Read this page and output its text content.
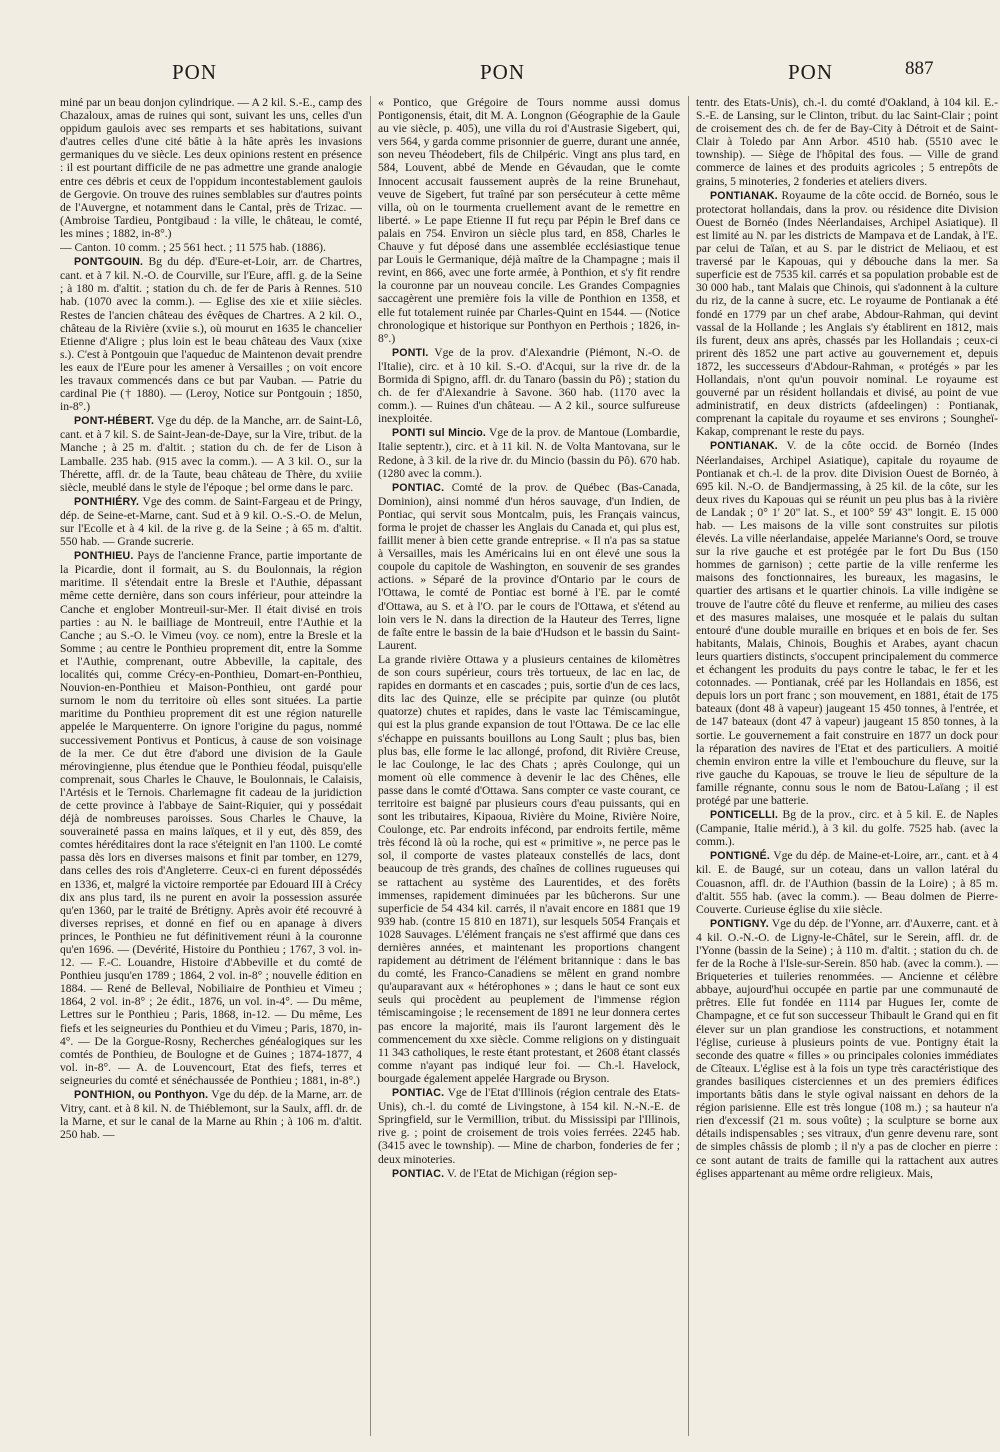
PON	PON	PON	887

miné par un beau donjon cylindrique. — A 2 kil. S.-E., camp des Chazaloux, amas de ruines qui sont, suivant les uns, celles d'un oppidum gaulois avec ses remparts et ses habitations, suivant d'autres celles d'une cité bâtie à la hâte après les invasions germaniques du ve siècle. Les deux opinions restent en présence : il est pourtant difficile de ne pas admettre une grande analogie entre ces débris et ceux de l'oppidum incontestablement gaulois de Gergovie. On trouve des ruines semblables sur d'autres points de l'Auvergne, et notamment dans le Cantal, près de Trizac. — (Ambroise Tardieu, Pontgibaud : la ville, le château, le comté, les mines ; 1882, in-8°.)

— Canton. 10 comm. ; 25 561 hect. ; 11 575 hab. (1886).

PONTGOUIN. Bg du dép. d'Eure-et-Loir, arr. de Chartres, cant. et à 7 kil. N.-O. de Courville, sur l'Eure, affl. g. de la Seine ; à 180 m. d'altit. ; station du ch. de fer de Paris à Rennes. 510 hab. (1070 avec la comm.). — Eglise des xie et xiiie siècles. Restes de l'ancien château des évêques de Chartres. A 2 kil. O., château de la Rivière (xviie s.), où mourut en 1635 le chancelier Etienne d'Aligre ; plus loin est le beau château des Vaux (xixe s.). C'est à Pontgouin que l'aqueduc de Maintenon devait prendre les eaux de l'Eure pour les amener à Versailles ; on voit encore les travaux commencés dans ce but par Vauban. — Patrie du cardinal Pie († 1880). — (Leroy, Notice sur Pontgouin ; 1850, in-8°.)

PONT-HÉBERT. Vge du dép. de la Manche, arr. de Saint-Lô, cant. et à 7 kil. S. de Saint-Jean-de-Daye, sur la Vire, tribut. de la Manche ; à 25 m. d'altit. ; station du ch. de fer de Lison à Lamballe. 235 hab. (915 avec la comm.). — A 3 kil. O., sur la Thérette, affl. dr. de la Taute, beau château de Thère, du xviiie siècle, meublé dans le style de l'époque ; bel orme dans le parc.

PONTHIÉRY. Vge des comm. de Saint-Fargeau et de Pringy, dép. de Seine-et-Marne, cant. Sud et à 9 kil. O.-S.-O. de Melun, sur l'Ecolle et à 4 kil. de la rive g. de la Seine ; à 65 m. d'altit. 550 hab. — Grande sucrerie.

PONTHIEU. Pays de l'ancienne France, partie importante de la Picardie, dont il formait, au S. du Boulonnais, la région maritime. Il s'étendait entre la Bresle et l'Authie, dépassant même cette dernière, dans son cours inférieur, pour atteindre la Canche et englober Montreuil-sur-Mer. Il était divisé en trois parties : au N. le bailliage de Montreuil, entre l'Authie et la Canche ; au S.-O. le Vimeu (voy. ce nom), entre la Bresle et la Somme ; au centre le Ponthieu proprement dit, entre la Somme et l'Authie, comprenant, outre Abbeville, la capitale, des localités qui, comme Crécy-en-Ponthieu, Domart-en-Ponthieu, Nouvion-en-Ponthieu et Maison-Ponthieu, ont gardé pour surnom le nom du territoire où elles sont situées. La partie maritime du Ponthieu proprement dit est une région naturelle appelée le Marquenterre. On ignore l'origine du pagus, nommé successivement Pontivus et Ponticus, à cause de son voisinage de la mer. Ce dut être d'abord une division de la Gaule mérovingienne, plus étendue que le Ponthieu féodal, puisqu'elle comprenait, sous Charles le Chauve, le Boulonnais, le Calaisis, l'Artésis et le Ternois. Charlemagne fit cadeau de la juridiction de cette province à l'abbaye de Saint-Riquier, qui y possédait déjà de nombreuses paroisses. Sous Charles le Chauve, la souveraineté passa en mains laïques, et il y eut, dès 859, des comtes héréditaires dont la race s'éteignit en l'an 1100. Le comté passa dès lors en diverses maisons et finit par tomber, en 1279, dans celles des rois d'Angleterre. Ceux-ci en furent dépossédés en 1336, et, malgré la victoire remportée par Edouard III à Crécy dix ans plus tard, ils ne purent en avoir la possession assurée qu'en 1360, par le traité de Brétigny. Après avoir été recouvré à diverses reprises, et donné en fief ou en apanage à divers princes, le Ponthieu ne fut définitivement réuni à la couronne qu'en 1696. — (Devérité, Histoire du Ponthieu ; 1767, 3 vol. in-12. — F.-C. Louandre, Histoire d'Abbeville et du comté de Ponthieu jusqu'en 1789 ; 1864, 2 vol. in-8° ; nouvelle édition en 1884. — René de Belleval, Nobiliaire de Ponthieu et Vimeu ; 1864, 2 vol. in-8° ; 2e édit., 1876, un vol. in-4°. — Du même, Lettres sur le Ponthieu ; Paris, 1868, in-12. — Du même, Les fiefs et les seigneuries du Ponthieu et du Vimeu ; Paris, 1870, in-4°. — De la Gorgue-Rosny, Recherches généalogiques sur les comtés de Ponthieu, de Boulogne et de Guines ; 1874-1877, 4 vol. in-8°. — A. de Louvencourt, Etat des fiefs, terres et seigneuries du comté et sénéchaussée de Ponthieu ; 1881, in-8°.)

PONTHION, ou Ponthyon. Vge du dép. de la Marne, arr. de Vitry, cant. et à 8 kil. N. de Thiéblemont, sur la Saulx, affl. dr. de la Marne, et sur le canal de la Marne au Rhin ; à 106 m. d'altit. 250 hab. —

« Pontico, que Grégoire de Tours nomme aussi domus Pontigonensis, était, dit M. A. Longnon (Géographie de la Gaule au vie siècle, p. 405), une villa du roi d'Austrasie Sigebert, qui, vers 564, y garda comme prisonnier de guerre, durant une année, son neveu Théodebert, fils de Chilpéric. Vingt ans plus tard, en 584, Louvent, abbé de Mende en Gévaudan, que le comte Innocent accusait faussement auprès de la reine Brunehaut, veuve de Sigebert, fut traîné par son persécuteur à cette même villa, où on le tourmenta cruellement avant de le remettre en liberté. » Le pape Etienne II fut reçu par Pépin le Bref dans ce palais en 754. Environ un siècle plus tard, en 858, Charles le Chauve y fut déposé dans une assemblée ecclésiastique tenue par Louis le Germanique, déjà maître de la Champagne ; mais il revint, en 866, avec une forte armée, à Ponthion, et s'y fit rendre la couronne par un nouveau concile. Les Grandes Compagnies saccagèrent une première fois la ville de Ponthion en 1358, et elle fut totalement ruinée par Charles-Quint en 1544. — (Notice chronologique et historique sur Ponthyon en Perthois ; 1826, in-8°.)

PONTI. Vge de la prov. d'Alexandrie (Piémont, N.-O. de l'Italie), circ. et à 10 kil. S.-O. d'Acqui, sur la rive dr. de la Bormida di Spigno, affl. dr. du Tanaro (bassin du Pô) ; station du ch. de fer d'Alexandrie à Savone. 360 hab. (1170 avec la comm.). — Ruines d'un château. — A 2 kil., source sulfureuse inexploitée.

PONTI sul Mincio. Vge de la prov. de Mantoue (Lombardie, Italie septentr.), circ. et à 11 kil. N. de Volta Mantovana, sur le Redone, à 3 kil. de la rive dr. du Mincio (bassin du Pô). 670 hab. (1280 avec la comm.).

PONTIAC. Comté de la prov. de Québec (Bas-Canada, Dominion), ainsi nommé d'un héros sauvage, d'un Indien, de Pontiac, qui servit sous Montcalm, puis, les Français vaincus, forma le projet de chasser les Anglais du Canada et, qui plus est, faillit mener à bien cette grande entreprise. « Il n'a pas sa statue à Versailles, mais les Américains lui en ont élevé une sous la coupole du capitole de Washington, en souvenir de ses grandes actions. » Séparé de la province d'Ontario par le cours de l'Ottawa, le comté de Pontiac est borné à l'E. par le comté d'Ottawa, au S. et à l'O. par le cours de l'Ottawa, et s'étend au loin vers le N. dans la direction de la Hauteur des Terres, ligne de faîte entre le bassin de la baie d'Hudson et le bassin du Saint-Laurent.

La grande rivière Ottawa y a plusieurs centaines de kilomètres de son cours supérieur, cours très tortueux, de lac en lac, de rapides en dormants et en cascades ; puis, sortie d'un de ces lacs, dits lac des Quinze, elle se précipite par quinze (ou plutôt quatorze) chutes et rapides, dans le vaste lac Témiscamingue, qui est la plus grande expansion de tout l'Ottawa. De ce lac elle s'échappe en puissants bouillons au Long Sault ; plus bas, bien plus bas, elle forme le lac allongé, profond, dit Rivière Creuse, le lac Coulonge, le lac des Chats ; après Coulonge, qui un moment où elle commence à devenir le lac des Chênes, elle passe dans le comté d'Ottawa. Sans compter ce vaste courant, ce territoire est baigné par plusieurs cours d'eau puissants, qui en sont les tributaires, Kipaoua, Rivière du Moine, Rivière Noire, Coulonge, etc. Par endroits infécond, par endroits fertile, même très fécond là où la roche, qui est « primitive », ne perce pas le sol, il comporte de vastes plateaux constellés de lacs, dont beaucoup de très grands, des chaînes de collines rugueuses qui se rattachent au système des Laurentides, et des forêts immenses, rapidement diminuées par les bûcherons. Sur une superficie de 54 434 kil. carrés, il n'avait encore en 1881 que 19 939 hab. (contre 15 810 en 1871), sur lesquels 5054 Français et 1028 Sauvages. L'élément français ne s'est affirmé que dans ces dernières années, et maintenant les proportions changent rapidement au détriment de l'élément britannique : dans le bas du comté, les Franco-Canadiens se mêlent en grand nombre qu'auparavant aux « hétérophones » ; dans le haut ce sont eux seuls qui procèdent au peuplement de l'immense région témiscamingoise ; le recensement de 1891 ne leur donnera certes pas encore la majorité, mais ils l'auront largement dès le commencement du xxe siècle. Comme religions on y distinguait 11 343 catholiques, le reste étant protestant, et 2608 étant classés comme n'ayant pas indiqué leur foi. — Ch.-l. Havelock, bourgade également appelée Hargrade ou Bryson.

PONTIAC. Vge de l'Etat d'Illinois (région centrale des Etats-Unis), ch.-l. du comté de Livingstone, à 154 kil. N.-N.-E. de Springfield, sur le Vermillion, tribut. du Mississipi par l'Illinois, rive g. ; point de croisement de trois voies ferrées. 2245 hab. (3415 avec le township). — Mine de charbon, fonderies de fer ; deux minoteries.

PONTIAC. V. de l'Etat de Michigan (région sep-

tentr. des Etats-Unis), ch.-l. du comté d'Oakland, à 104 kil. E.-S.-E. de Lansing, sur le Clinton, tribut. du lac Saint-Clair ; point de croisement des ch. de fer de Bay-City à Détroit et de Saint-Clair à Toledo par Ann Arbor. 4510 hab. (5510 avec le township). — Siège de l'hôpital des fous. — Ville de grand commerce de laines et des produits agricoles ; 5 entrepôts de grains, 5 minoteries, 2 fonderies et ateliers divers.

PONTIANAK. Royaume de la côte occid. de Bornéo, sous le protectorat hollandais, dans la prov. ou résidence dite Division Ouest de Bornéo (Indes Néerlandaises, Archipel Asiatique). Il est limité au N. par les districts de Mampava et de Landak, à l'E. par celui de Taïan, et au S. par le district de Meliaou, et est traversé par le Kapouas, qui y débouche dans la mer. Sa superficie est de 7535 kil. carrés et sa population probable est de 30 000 hab., tant Malais que Chinois, qui s'adonnent à la culture du riz, de la canne à sucre, etc. Le royaume de Pontianak a été fondé en 1779 par un chef arabe, Abdour-Rahman, qui devint vassal de la Hollande ; les Anglais s'y établirent en 1812, mais ils furent, deux ans après, chassés par les Hollandais ; ceux-ci prirent dès 1852 une part active au gouvernement et, depuis 1872, les successeurs d'Abdour-Rahman, « protégés » par les Hollandais, n'ont qu'un pouvoir nominal. Le royaume est gouverné par un résident hollandais et divisé, au point de vue administratif, en deux districts (afdeelingen) : Pontianak, comprenant la capitale du royaume et ses environs ; Soungheï-Kakap, comprenant le reste du pays.

PONTIANAK. V. de la côte occid. de Bornéo (Indes Néerlandaises, Archipel Asiatique), capitale du royaume de Pontianak et ch.-l. de la prov. dite Division Ouest de Bornéo, à 695 kil. N.-O. de Bandjermassing, à 25 kil. de la côte, sur les deux rives du Kapouas qui se réunit un peu plus bas à la rivière de Landak ; 0° 1' 20" lat. S., et 100° 59' 43" longit. E. 15 000 hab. — Les maisons de la ville sont construites sur pilotis élevés. La ville néerlandaise, appelée Marianne's Oord, se trouve sur la rive gauche et est protégée par le fort Du Bus (150 hommes de garnison) ; cette partie de la ville renferme les maisons des fonctionnaires, les bureaux, les magasins, le quartier des artisans et le quartier chinois. La ville indigène se trouve de l'autre côté du fleuve et renferme, au milieu des cases et des masures malaises, une mosquée et le palais du sultan entouré d'une double muraille en briques et en bois de fer. Ses habitants, Malais, Chinois, Boughis et Arabes, ayant chacun leurs quartiers distincts, s'occupent principalement du commerce et échangent les produits du pays contre le tabac, le fer et les cotonnades. — Pontianak, créé par les Hollandais en 1856, est depuis lors un port franc ; son mouvement, en 1881, était de 175 bateaux (dont 48 à vapeur) jaugeant 15 450 tonnes, à l'entrée, et de 147 bateaux (dont 47 à vapeur) jaugeant 15 850 tonnes, à la sortie. Le gouvernement a fait construire en 1877 un dock pour la réparation des navires de l'Etat et des particuliers. A moitié chemin environ entre la ville et l'embouchure du fleuve, sur la rive gauche du Kapouas, se trouve le lieu de sépulture de la famille régnante, connu sous le nom de Batou-Laïang ; il est protégé par une batterie.

PONTICELLI. Bg de la prov., circ. et à 5 kil. E. de Naples (Campanie, Italie mérid.), à 3 kil. du golfe. 7525 hab. (avec la comm.).

PONTIGNÉ. Vge du dép. de Maine-et-Loire, arr., cant. et à 4 kil. E. de Baugé, sur un coteau, dans un vallon latéral du Couasnon, affl. dr. de l'Authion (bassin de la Loire) ; à 85 m. d'altit. 555 hab. (avec la comm.). — Beau dolmen de Pierre-Couverte. Curieuse église du xiie siècle.

PONTIGNY. Vge du dép. de l'Yonne, arr. d'Auxerre, cant. et à 4 kil. O.-N.-O. de Ligny-le-Châtel, sur le Serein, affl. dr. de l'Yonne (bassin de la Seine) ; à 110 m. d'altit. ; station du ch. de fer de la Roche à l'Isle-sur-Serein. 850 hab. (avec la comm.). — Briqueteries et tuileries renommées. — Ancienne et célèbre abbaye, aujourd'hui occupée en partie par une communauté de prêtres. Elle fut fondée en 1114 par Hugues Ier, comte de Champagne, et ce fut son successeur Thibault le Grand qui en fit élever sur un plan grandiose les constructions, et notamment l'église, curieuse à plusieurs points de vue. Pontigny était la seconde des quatre « filles » ou principales colonies immédiates de Cîteaux. L'église est à la fois un type très caractéristique des grandes basiliques cisterciennes et un des premiers édifices importants bâtis dans le style ogival naissant en dehors de la région parisienne. Elle est très longue (108 m.) ; sa hauteur n'a rien d'excessif (21 m. sous voûte) ; la sculpture se borne aux détails indispensables ; ses vitraux, d'un genre devenu rare, sont de simples châssis de plomb ; il n'y a pas de clocher en pierre : ce sont autant de traits de famille qui la rattachent aux autres églises appartenant au même ordre religieux. Mais,
